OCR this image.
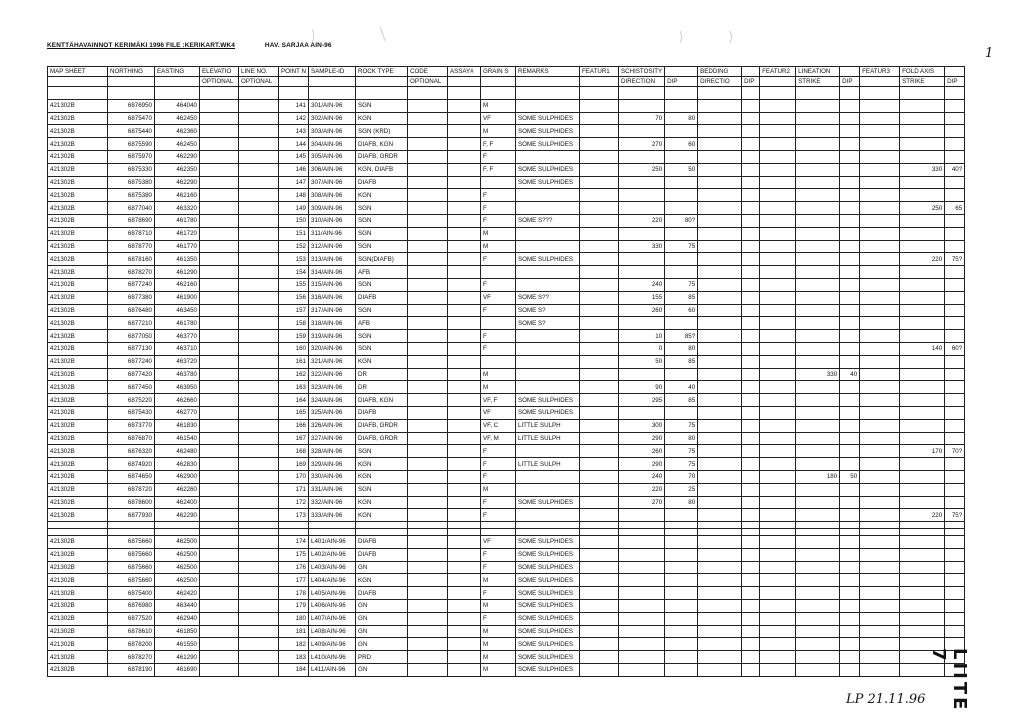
KENTTÄHAVAINNOT KERIMÄKI 1996 FILE :KERIKART.WK4	HAV. SARJAA AIN-96
1
MAP SHEET	NORTHING	EASTING	ELEVATIO	LINE NO.	POINT N	SAMPLE-ID	ROCK TYPE	CODE	ASSAY#	GRAIN S	REMARKS	FEATUR1	SCHISTOSITY		BEDDING		FEATUR2	LINEATION		FEATUR3	FOLD AXIS	
			OPTIONAL	OPTIONAL				OPTIONAL					DIRECTION	DIP	DIRECTIO	DIP		STRIKE	DIP		STRIKE	DIP

421302B	6876950	464040			141	301/AIN-96	SGN			M												
421302B	6875470	462450			142	302/AIN-96	KGN			VF	SOME SULPHIDES		70	80								
421302B	6875440	462360			143	303/AIN-96	SGN (KRD)			M	SOME SULPHIDES											
421302B	6875590	462450			144	304/AIN-96	DIAFB, KGN			F, F	SOME SULPHIDES		270	60								
421302B	6875970	462290			145	305/AIN-96	DIAFB, GRDR			F												
421302B	6875330	462350			146	306/AIN-96	KGN, DIAFB			F, F	SOME SULPHIDES		250	50							330	40?
421302B	6875380	462290			147	307/AIN-96	DIAFB				SOME SULPHIDES											
421302B	6875380	462160			148	308/AIN-96	KGN			F												
421302B	6877040	463320			149	309/AIN-96	SGN			F											250	65
421302B	6878690	461780			150	310/AIN-96	SGN			F	SOME S???		220	80?								
421302B	6878710	461720			151	311/AIN-96	SGN			M												
421302B	6878770	461770			152	312/AIN-96	SGN			M			330	75								
421302B	6878160	461350			153	313/AIN-96	SGN(DIAFB)			F	SOME SULPHIDES										220	75?
421302B	6878270	461290			154	314/AIN-96	AFB															
421302B	6877240	462160			155	315/AIN-96	SGN			F			240	75								
421302B	6877380	461900			156	316/AIN-96	DIAFB			VF	SOME S??		155	85								
421302B	6876480	463450			157	317/AIN-96	SGN			F	SOME S?		260	60								
421302B	6877210	461780			158	318/AIN-96	AFB				SOME S?											
421302B	6877050	463770			159	319/AIN-96	SGN			F			10	85?								
421302B	6877130	463710			160	320/AIN-96	SGN			F			0	80							140	60?
421302B	6877240	463720			161	321/AIN-96	KGN						50	85								
421302B	6877420	463780			162	322/AIN-96	DR			M								330	40			
421302B	6877450	463950			163	323/AIN-96	DR			M			90	40								
421302B	6875220	462660			164	324/AIN-96	DIAFB, KGN			VF, F	SOME SULPHIDES		295	85								
421302B	6875430	462770			165	325/AIN-96	DIAFB			VF	SOME SULPHIDES											
421302B	6873770	461830			166	326/AIN-96	DIAFB, GRDR			VF, C	LITTLE SULPH		300	75								
421302B	6876870	461540			167	327/AIN-96	DIAFB, GRDR			VF, M	LITTLE SULPH		290	80								
421302B	6876320	462480			168	328/AIN-96	SGN			F			260	75							170	70?
421302B	6874920	462830			169	329/AIN-96	KGN			F	LITTLE SULPH		290	75								
421302B	6874650	462900			170	330/AIN-96	KGN			F			240	70				180	50			
421302B	6878720	462260			171	331/AIN-96	SGN			M			220	25								
421302B	6878600	462400			172	332/AIN-96	KGN			F	SOME SULPHIDES		270	80								
421302B	6877930	462290			173	333/AIN-96	KGN			F											220	75?

421302B	6875660	462500			174	L401/AIN-96	DIAFB			VF	SOME SULPHIDES											
421302B	6875660	462500			175	L402/AIN-96	DIAFB			F	SOME SULPHIDES											
421302B	6875660	462500			176	L403/AIN-96	GN			F	SOME SULPHIDES											
421302B	6875660	462500			177	L404/AIN-96	KGN			M	SOME SULPHIDES											
421302B	6875400	462420			178	L405/AIN-96	DIAFB			F	SOME SULPHIDES											
421302B	6876980	463440			179	L406/AIN-96	GN			M	SOME SULPHIDES											
421302B	6877520	462940			180	L407/AIN-96	GN			F	SOME SULPHIDES											
421302B	6878610	461850			181	L408/AIN-96	GN			M	SOME SULPHIDES											
421302B	6878200	461550			182	L409/AIN-96	GN			M	SOME SULPHIDES											
421302B	6878270	461290			183	L410/AIN-96	PRD			M	SOME SULPHIDES											
421302B	6878190	461690			184	L411/AIN-96	GN			M	SOME SULPHIDES												LIITE 7
LP 21.11.96
